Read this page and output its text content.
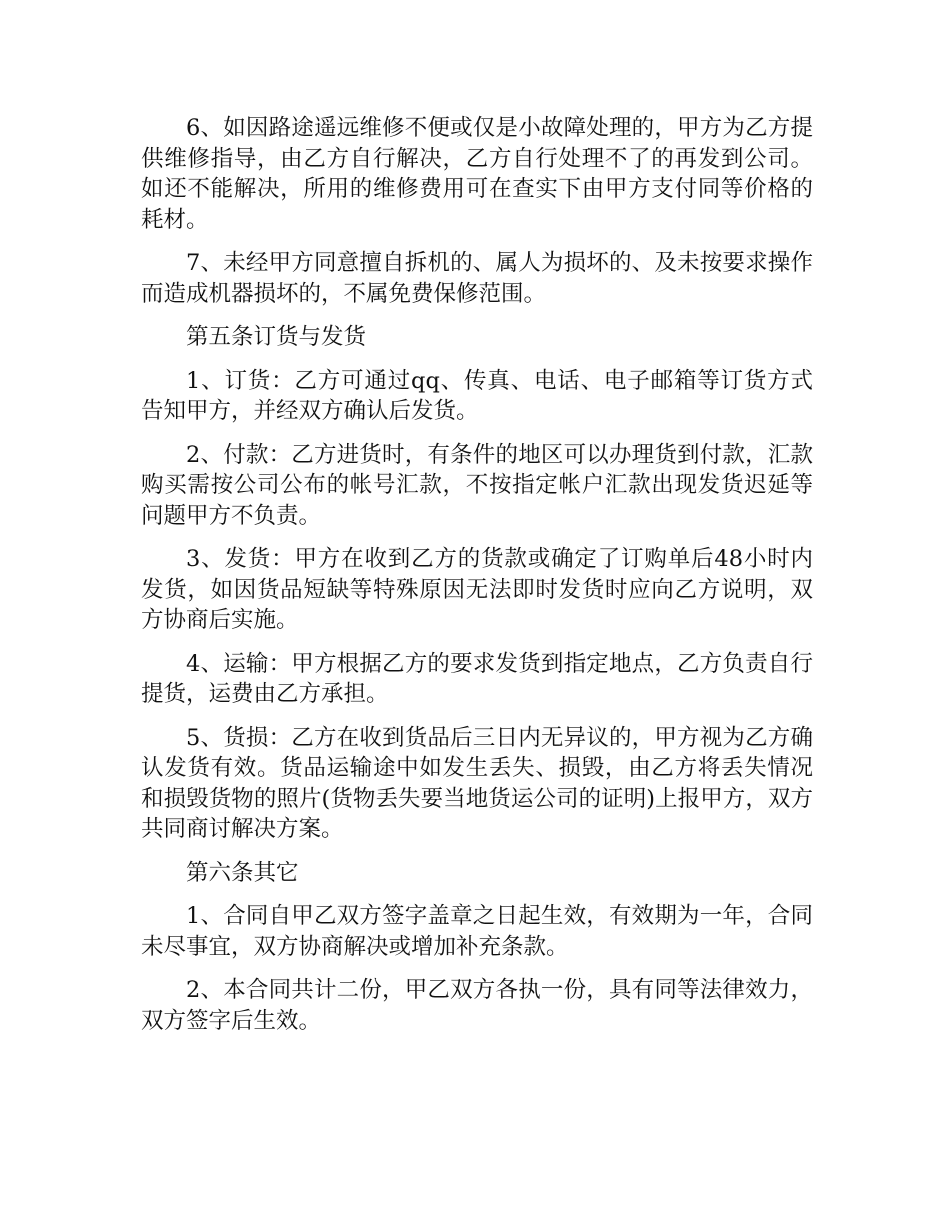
6、如因路途遥远维修不便或仅是小故障处理的，甲方为乙方提供维修指导，由乙方自行解决，乙方自行处理不了的再发到公司。如还不能解决，所用的维修费用可在查实下由甲方支付同等价格的耗材。

7、未经甲方同意擅自拆机的、属人为损坏的、及未按要求操作而造成机器损坏的，不属免费保修范围。

第五条订货与发货

1、订货：乙方可通过qq、传真、电话、电子邮箱等订货方式告知甲方，并经双方确认后发货。

2、付款：乙方进货时，有条件的地区可以办理货到付款，汇款购买需按公司公布的帐号汇款，不按指定帐户汇款出现发货迟延等问题甲方不负责。

3、发货：甲方在收到乙方的货款或确定了订购单后48小时内发货，如因货品短缺等特殊原因无法即时发货时应向乙方说明，双方协商后实施。

4、运输：甲方根据乙方的要求发货到指定地点，乙方负责自行提货，运费由乙方承担。

5、货损：乙方在收到货品后三日内无异议的，甲方视为乙方确认发货有效。货品运输途中如发生丢失、损毁，由乙方将丢失情况和损毁货物的照片(货物丢失要当地货运公司的证明)上报甲方，双方共同商讨解决方案。

第六条其它

1、合同自甲乙双方签字盖章之日起生效，有效期为一年，合同未尽事宜，双方协商解决或增加补充条款。

2、本合同共计二份，甲乙双方各执一份，具有同等法律效力，双方签字后生效。
